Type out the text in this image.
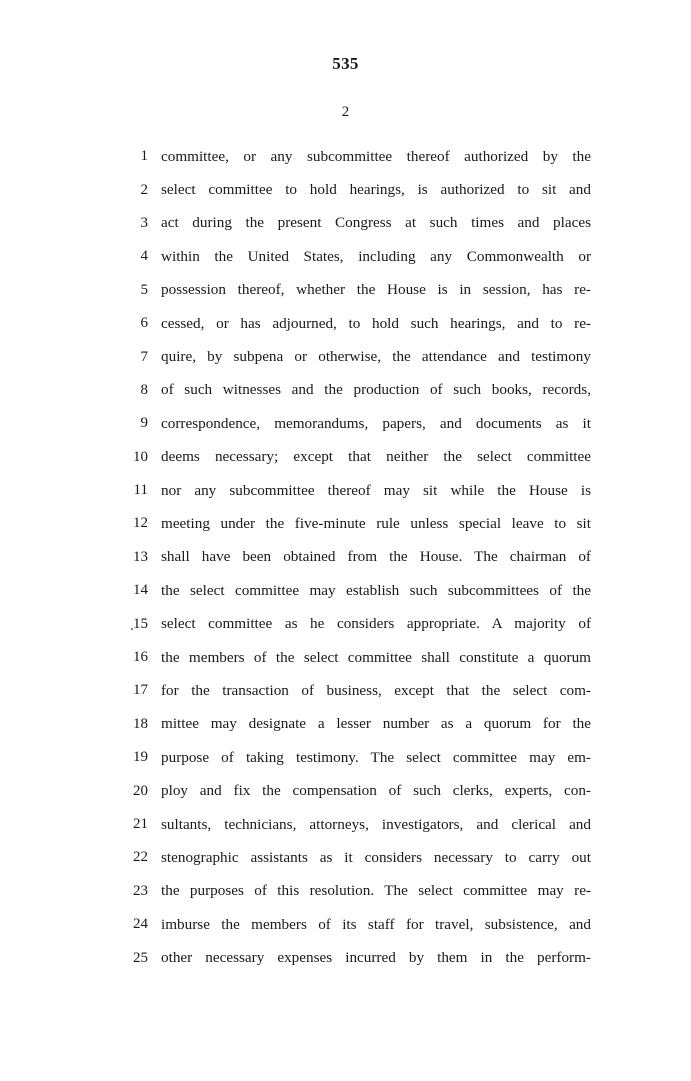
535
2
1 committee, or any subcommittee thereof authorized by the
2 select committee to hold hearings, is authorized to sit and
3 act during the present Congress at such times and places
4 within the United States, including any Commonwealth or
5 possession thereof, whether the House is in session, has re-
6 cessed, or has adjourned, to hold such hearings, and to re-
7 quire, by subpena or otherwise, the attendance and testimony
8 of such witnesses and the production of such books, records,
9 correspondence, memorandums, papers, and documents as it
10 deems necessary; except that neither the select committee
11 nor any subcommittee thereof may sit while the House is
12 meeting under the five-minute rule unless special leave to sit
13 shall have been obtained from the House. The chairman of
14 the select committee may establish such subcommittees of the
15 select committee as he considers appropriate. A majority of
16 the members of the select committee shall constitute a quorum
17 for the transaction of business, except that the select com-
18 mittee may designate a lesser number as a quorum for the
19 purpose of taking testimony. The select committee may em-
20 ploy and fix the compensation of such clerks, experts, con-
21 sultants, technicians, attorneys, investigators, and clerical and
22 stenographic assistants as it considers necessary to carry out
23 the purposes of this resolution. The select committee may re-
24 imburse the members of its staff for travel, subsistence, and
25 other necessary expenses incurred by them in the perform-
